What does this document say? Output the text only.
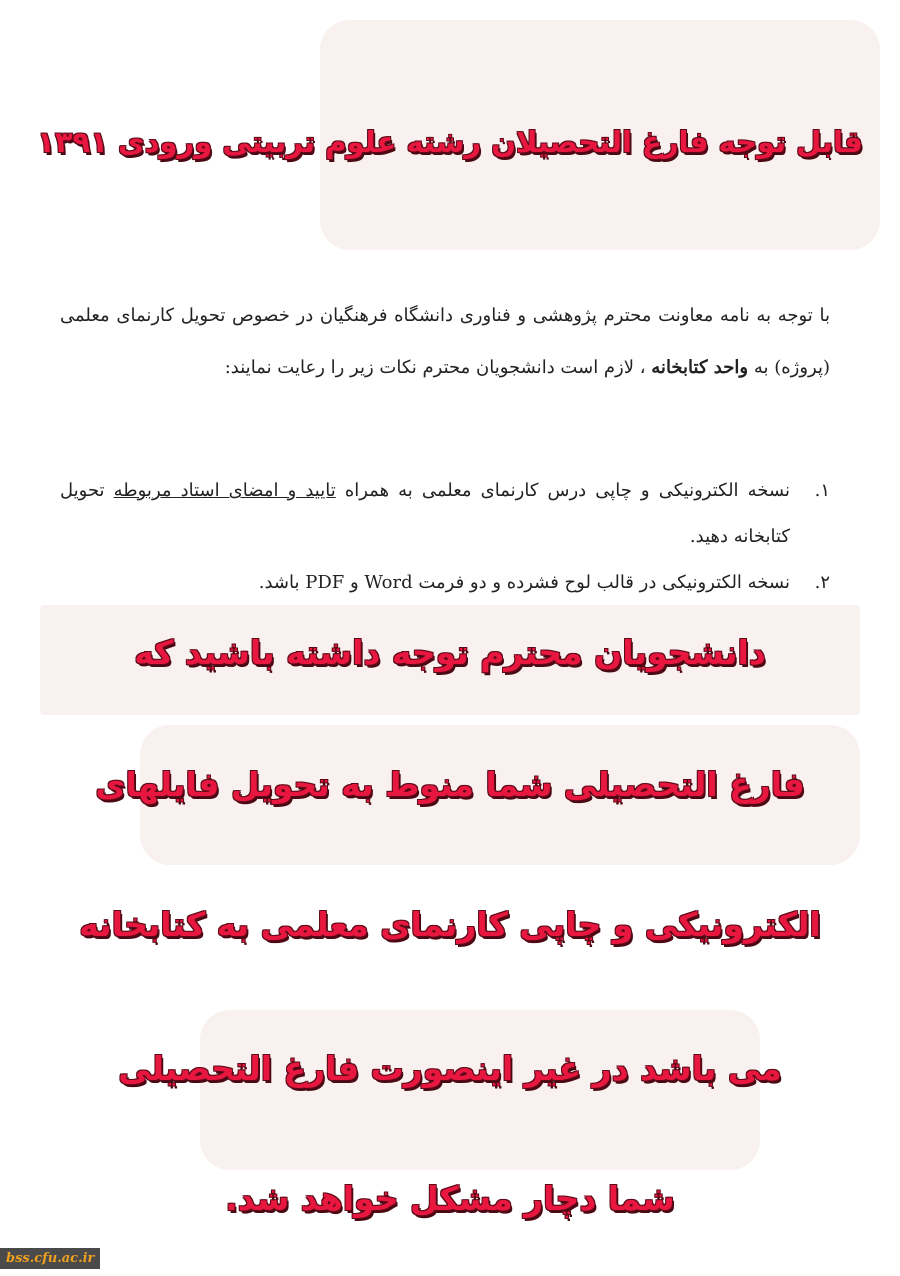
قابل توجه فارغ التحصیلان رشته علوم تربیتی ورودی ۱۳۹۱
با توجه به نامه معاونت محترم پژوهشی و فناوری دانشگاه فرهنگیان در خصوص تحویل کارنمای معلمی (پروژه) به واحد کتابخانه ، لازم است دانشجویان محترم نکات زیر را رعایت نمایند:
۱.
نسخه الکترونیکی و چاپی درس کارنمای معلمی به همراه تایید و امضای استاد مربوطه تحویل کتابخانه دهید.
۲.
نسخه الکترونیکی در قالب لوح فشرده و دو فرمت Word و PDF باشد.
دانشجویان محترم توجه داشته باشید که
فارغ التحصیلی شما منوط به تحویل فایلهای
الکترونیکی و چاپی کارنمای معلمی به کتابخانه
می باشد در غیر اینصورت فارغ التحصیلی
شما دچار مشکل خواهد شد.
bss.cfu.ac.ir
